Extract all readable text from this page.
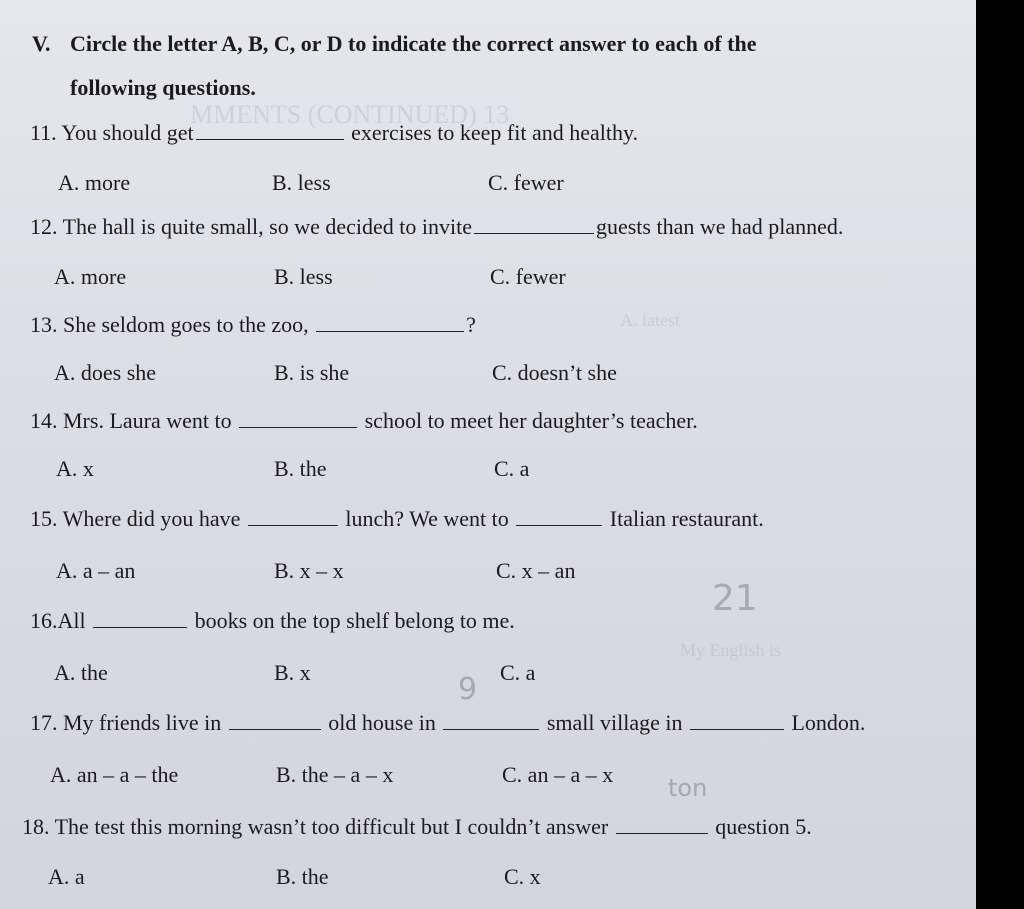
21
9
ton
V. Circle the letter A, B, C, or D to indicate the correct answer to each of the
following questions.
11. You should get	exercises to keep fit and healthy.
A. more	B. less	C. fewer
12. The hall is quite small, so we decided to invite	guests than we had planned.
A. more	B. less	C. fewer
13. She seldom goes to the zoo,	?
A. does she	B. is she	C. doesn’t she
14. Mrs. Laura went to	school to meet her daughter’s teacher.
A. x	B. the	C. a
15. Where did you have	lunch? We went to	Italian restaurant.
A. a – an	B. x – x	C. x – an
16.All	books on the top shelf belong to me.
A. the	B. x	C. a
17. My friends live in	old house in	small village in	London.
A. an – a – the	B. the – a – x	C. an – a – x
18. The test this morning wasn’t too difficult but I couldn’t answer	question 5.
A. a	B. the	C. x
